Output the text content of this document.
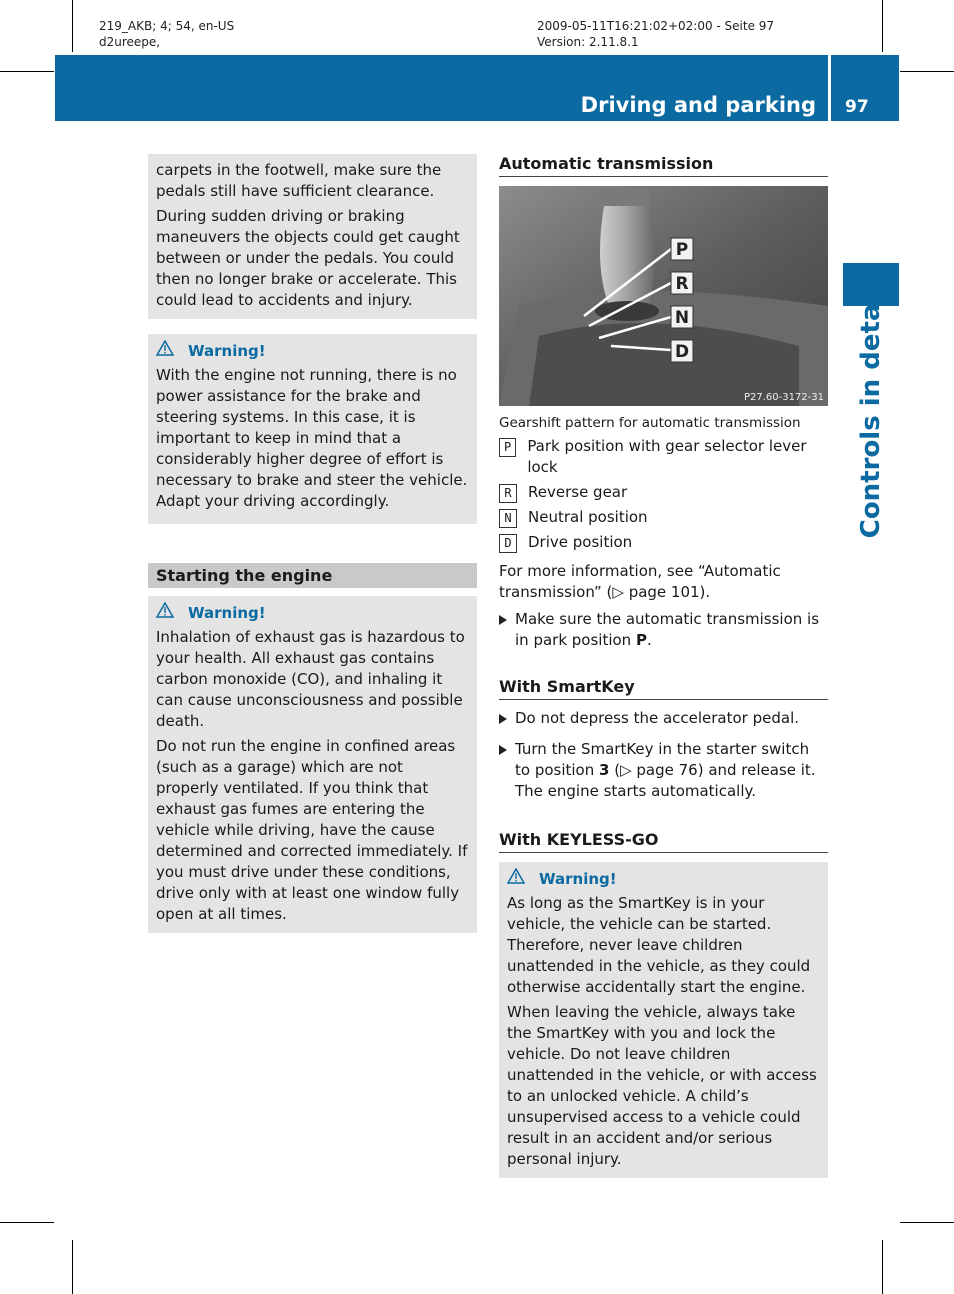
219_AKB; 4; 54, en-US
d2ureepe,
2009-05-11T16:21:02+02:00 - Seite 97
Version: 2.11.8.1
Driving and parking 97
Controls in detail

carpets in the footwell, make sure the pedals still have sufficient clearance.

During sudden driving or braking maneuvers the objects could get caught between or under the pedals. You could then no longer brake or accelerate. This could lead to accidents and injury.

Warning!

With the engine not running, there is no power assistance for the brake and steering systems. In this case, it is important to keep in mind that a considerably higher degree of effort is necessary to brake and steer the vehicle. Adapt your driving accordingly.

Starting the engine
Warning!

Inhalation of exhaust gas is hazardous to your health. All exhaust gas contains carbon monoxide (CO), and inhaling it can cause unconsciousness and possible death.

Do not run the engine in confined areas (such as a garage) which are not properly ventilated. If you think that exhaust gas fumes are entering the vehicle while driving, have the cause determined and corrected immediately. If you must drive under these conditions, drive only with at least one window fully open at all times.

Automatic transmission
P
R
N
D
P27.60-3172-31

Gearshift pattern for automatic transmission

P	Park position with gear selector lever lock
R	Reverse gear
N	Neutral position
D	Drive position

For more information, see “Automatic transmission” (▷ page 101).

Make sure the automatic transmission is in park position P.
With SmartKey
Do not depress the accelerator pedal.
Turn the SmartKey in the starter switch to position 3 (▷ page 76) and release it.
The engine starts automatically.
With KEYLESS-GO
Warning!

As long as the SmartKey is in your vehicle, the vehicle can be started. Therefore, never leave children unattended in the vehicle, as they could otherwise accidentally start the engine.

When leaving the vehicle, always take the SmartKey with you and lock the vehicle. Do not leave children unattended in the vehicle, or with access to an unlocked vehicle. A child’s unsupervised access to a vehicle could result in an accident and/or serious personal injury.
